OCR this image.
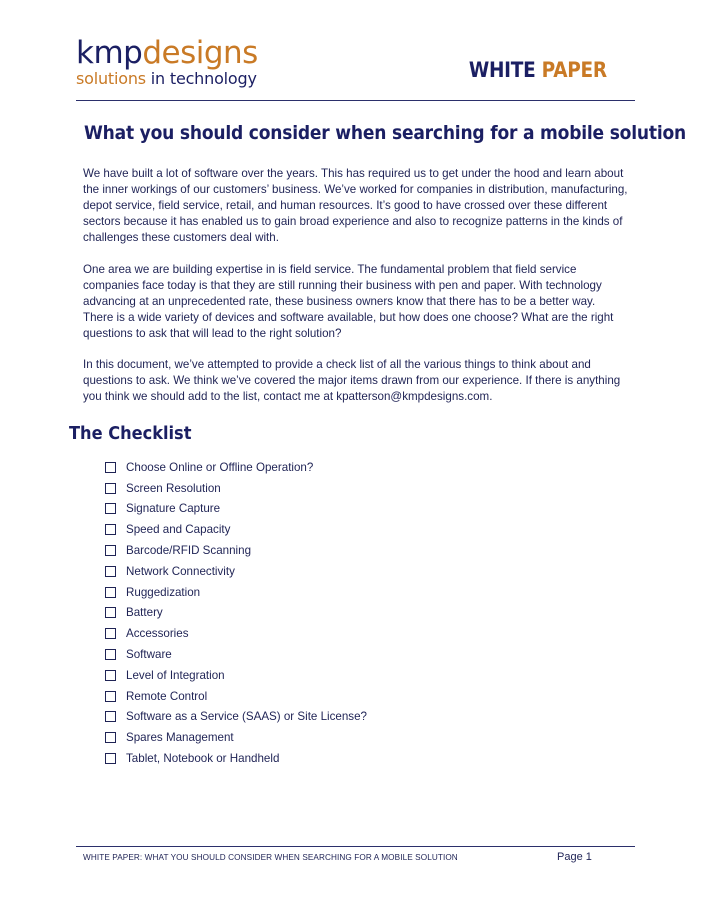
kmpdesigns
solutions in technology	WHITE PAPER
What you should consider when searching for a mobile solution

We have built a lot of software over the years. This has required us to get under the hood and learn about the inner workings of our customers’ business. We’ve worked for companies in distribution, manufacturing, depot service, field service, retail, and human resources. It’s good to have crossed over these different sectors because it has enabled us to gain broad experience and also to recognize patterns in the kinds of challenges these customers deal with.

One area we are building expertise in is field service. The fundamental problem that field service companies face today is that they are still running their business with pen and paper. With technology advancing at an unprecedented rate, these business owners know that there has to be a better way. There is a wide variety of devices and software available, but how does one choose? What are the right questions to ask that will lead to the right solution?

In this document, we’ve attempted to provide a check list of all the various things to think about and questions to ask. We think we’ve covered the major items drawn from our experience. If there is anything you think we should add to the list, contact me at kpatterson@kmpdesigns.com.

The Checklist
Choose Online or Offline Operation?
Screen Resolution
Signature Capture
Speed and Capacity
Barcode/RFID Scanning
Network Connectivity
Ruggedization
Battery
Accessories
Software
Level of Integration
Remote Control
Software as a Service (SAAS) or Site License?
Spares Management
Tablet, Notebook or Handheld
WHITE PAPER: WHAT YOU SHOULD CONSIDER WHEN SEARCHING FOR A MOBILE SOLUTION	Page 1
